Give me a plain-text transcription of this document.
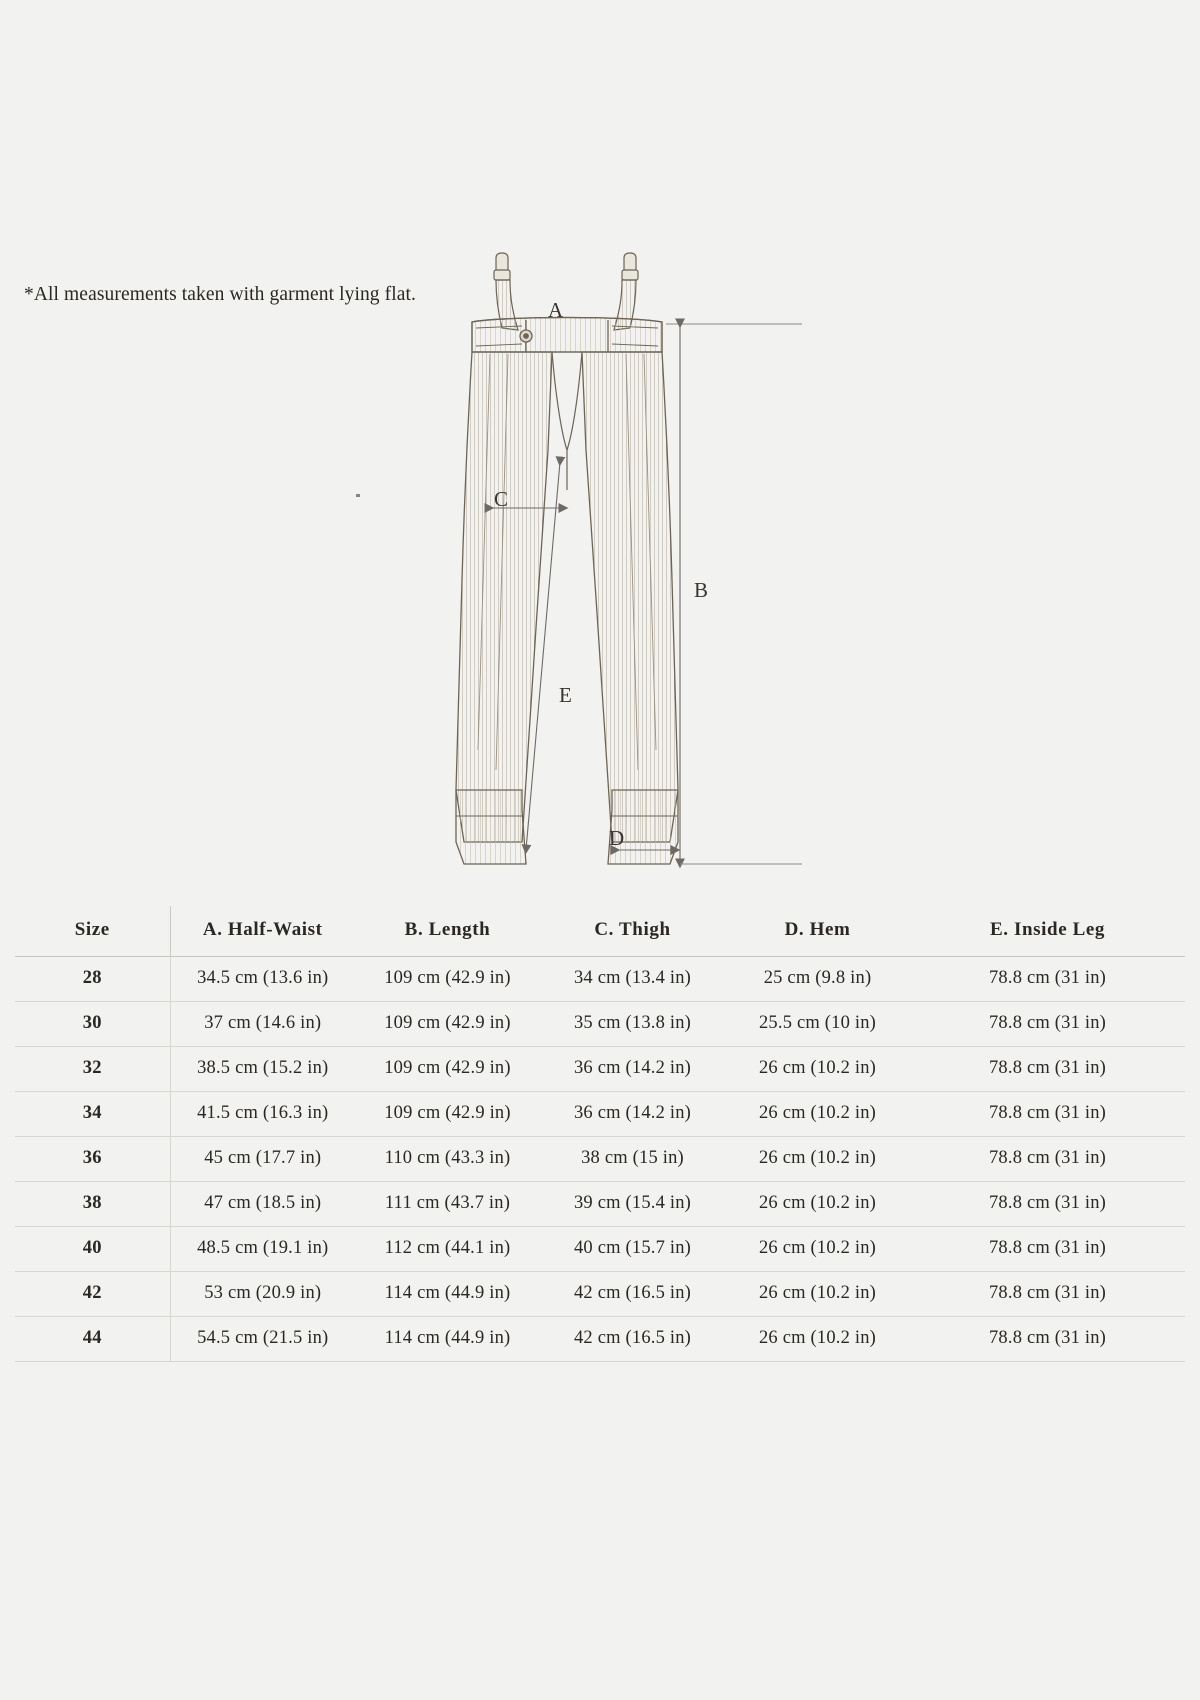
*All measurements taken with garment lying flat.
A
B
C
D
E
Size	A. Half-Waist	B. Length	C. Thigh	D. Hem	E. Inside Leg
28	34.5 cm (13.6 in)	109 cm (42.9 in)	34 cm (13.4 in)	25 cm (9.8 in)	78.8 cm (31 in)
30	37 cm (14.6 in)	109 cm (42.9 in)	35 cm (13.8 in)	25.5 cm (10 in)	78.8 cm (31 in)
32	38.5 cm (15.2 in)	109 cm (42.9 in)	36 cm (14.2 in)	26 cm (10.2 in)	78.8 cm (31 in)
34	41.5 cm (16.3 in)	109 cm (42.9 in)	36 cm (14.2 in)	26 cm (10.2 in)	78.8 cm (31 in)
36	45 cm (17.7 in)	110 cm (43.3 in)	38 cm (15 in)	26 cm (10.2 in)	78.8 cm (31 in)
38	47 cm (18.5 in)	111 cm (43.7 in)	39 cm (15.4 in)	26 cm (10.2 in)	78.8 cm (31 in)
40	48.5 cm (19.1 in)	112 cm (44.1 in)	40 cm (15.7 in)	26 cm (10.2 in)	78.8 cm (31 in)
42	53 cm (20.9 in)	114 cm (44.9 in)	42 cm (16.5 in)	26 cm (10.2 in)	78.8 cm (31 in)
44	54.5 cm (21.5 in)	114 cm (44.9 in)	42 cm (16.5 in)	26 cm (10.2 in)	78.8 cm (31 in)
